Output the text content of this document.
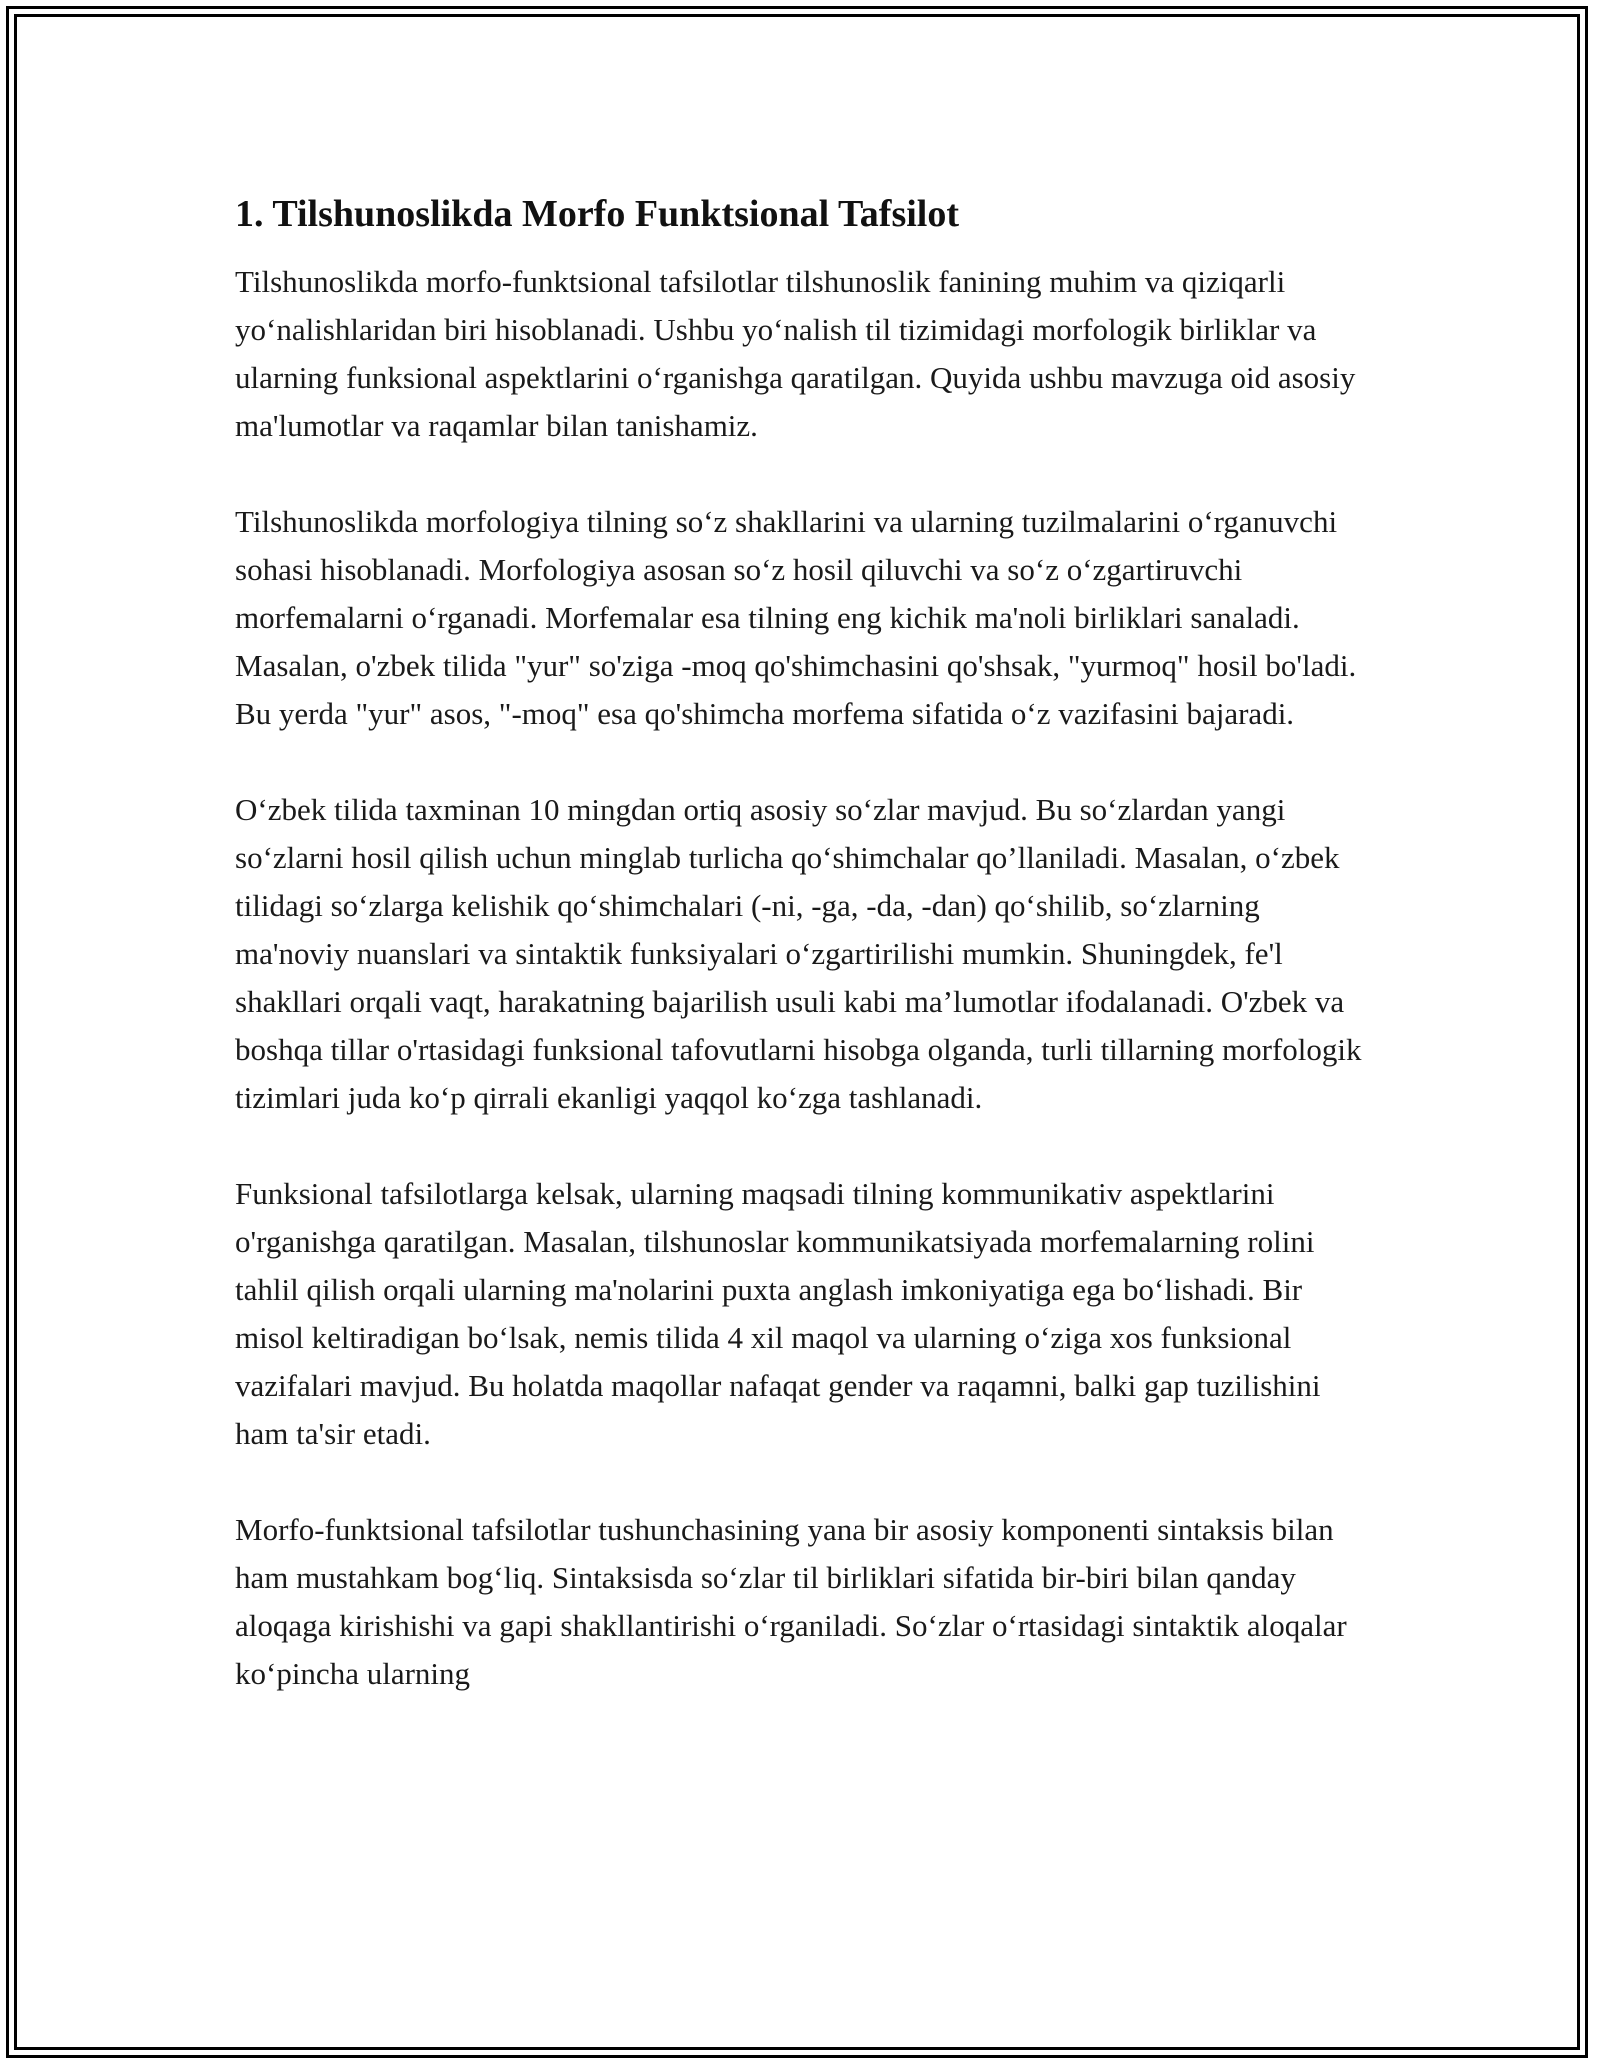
1. Tilshunoslikda Morfo Funktsional Tafsilot

Tilshunoslikda morfo-funktsional tafsilotlar tilshunoslik fanining muhim va qiziqarli yoʻnalishlaridan biri hisoblanadi. Ushbu yoʻnalish til tizimidagi morfologik birliklar va ularning funksional aspektlarini oʻrganishga qaratilgan. Quyida ushbu mavzuga oid asosiy ma'lumotlar va raqamlar bilan tanishamiz.

Tilshunoslikda morfologiya tilning soʻz shakllarini va ularning tuzilmalarini oʻrganuvchi sohasi hisoblanadi. Morfologiya asosan soʻz hosil qiluvchi va soʻz oʻzgartiruvchi morfemalarni oʻrganadi. Morfemalar esa tilning eng kichik ma'noli birliklari sanaladi. Masalan, o'zbek tilida "yur" so'ziga -moq qo'shimchasini qo'shsak, "yurmoq" hosil bo'ladi. Bu yerda "yur" asos, "-moq" esa qo'shimcha morfema sifatida oʻz vazifasini bajaradi.

Oʻzbek tilida taxminan 10 mingdan ortiq asosiy soʻzlar mavjud. Bu soʻzlardan yangi soʻzlarni hosil qilish uchun minglab turlicha qoʻshimchalar qo’llaniladi. Masalan, oʻzbek tilidagi soʻzlarga kelishik qoʻshimchalari (-ni, -ga, -da, -dan) qoʻshilib, soʻzlarning ma'noviy nuanslari va sintaktik funksiyalari oʻzgartirilishi mumkin. Shuningdek, fe'l shakllari orqali vaqt, harakatning bajarilish usuli kabi ma’lumotlar ifodalanadi. O'zbek va boshqa tillar o'rtasidagi funksional tafovutlarni hisobga olganda, turli tillarning morfologik tizimlari juda koʻp qirrali ekanligi yaqqol koʻzga tashlanadi.

Funksional tafsilotlarga kelsak, ularning maqsadi tilning kommunikativ aspektlarini o'rganishga qaratilgan. Masalan, tilshunoslar kommunikatsiyada morfemalarning rolini tahlil qilish orqali ularning ma'nolarini puxta anglash imkoniyatiga ega boʻlishadi. Bir misol keltiradigan boʻlsak, nemis tilida 4 xil maqol va ularning oʻziga xos funksional vazifalari mavjud. Bu holatda maqollar nafaqat gender va raqamni, balki gap tuzilishini ham ta'sir etadi.

Morfo-funktsional tafsilotlar tushunchasining yana bir asosiy komponenti sintaksis bilan ham mustahkam bogʻliq. Sintaksisda soʻzlar til birliklari sifatida bir-biri bilan qanday aloqaga kirishishi va gapi shakllantirishi oʻrganiladi. Soʻzlar oʻrtasidagi sintaktik aloqalar koʻpincha ularning
